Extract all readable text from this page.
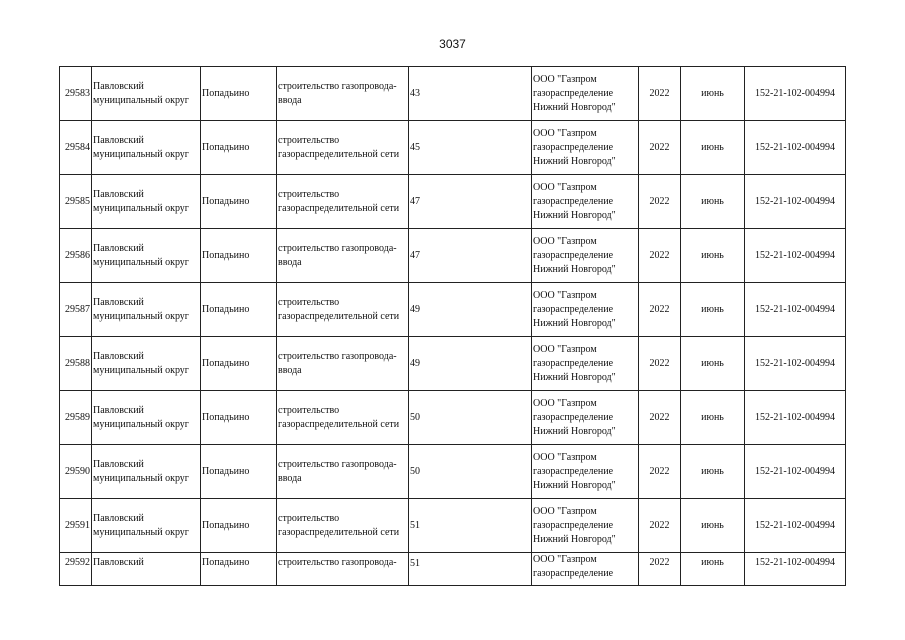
3037
29583	Павловский
муниципальный округ	Попадьино	строительство газопровода-
ввода	43	ООО "Газпром
газораспределение
Нижний Новгород"	2022	июнь	152-21-102-004994
29584	Павловский
муниципальный округ	Попадьино	строительство
газораспределительной сети	45	ООО "Газпром
газораспределение
Нижний Новгород"	2022	июнь	152-21-102-004994
29585	Павловский
муниципальный округ	Попадьино	строительство
газораспределительной сети	47	ООО "Газпром
газораспределение
Нижний Новгород"	2022	июнь	152-21-102-004994
29586	Павловский
муниципальный округ	Попадьино	строительство газопровода-
ввода	47	ООО "Газпром
газораспределение
Нижний Новгород"	2022	июнь	152-21-102-004994
29587	Павловский
муниципальный округ	Попадьино	строительство
газораспределительной сети	49	ООО "Газпром
газораспределение
Нижний Новгород"	2022	июнь	152-21-102-004994
29588	Павловский
муниципальный округ	Попадьино	строительство газопровода-
ввода	49	ООО "Газпром
газораспределение
Нижний Новгород"	2022	июнь	152-21-102-004994
29589	Павловский
муниципальный округ	Попадьино	строительство
газораспределительной сети	50	ООО "Газпром
газораспределение
Нижний Новгород"	2022	июнь	152-21-102-004994
29590	Павловский
муниципальный округ	Попадьино	строительство газопровода-
ввода	50	ООО "Газпром
газораспределение
Нижний Новгород"	2022	июнь	152-21-102-004994
29591	Павловский
муниципальный округ	Попадьино	строительство
газораспределительной сети	51	ООО "Газпром
газораспределение
Нижний Новгород"	2022	июнь	152-21-102-004994
29592	Павловский	Попадьино	строительство газопровода-	51	ООО "Газпром
газораспределение	2022	июнь	152-21-102-004994
